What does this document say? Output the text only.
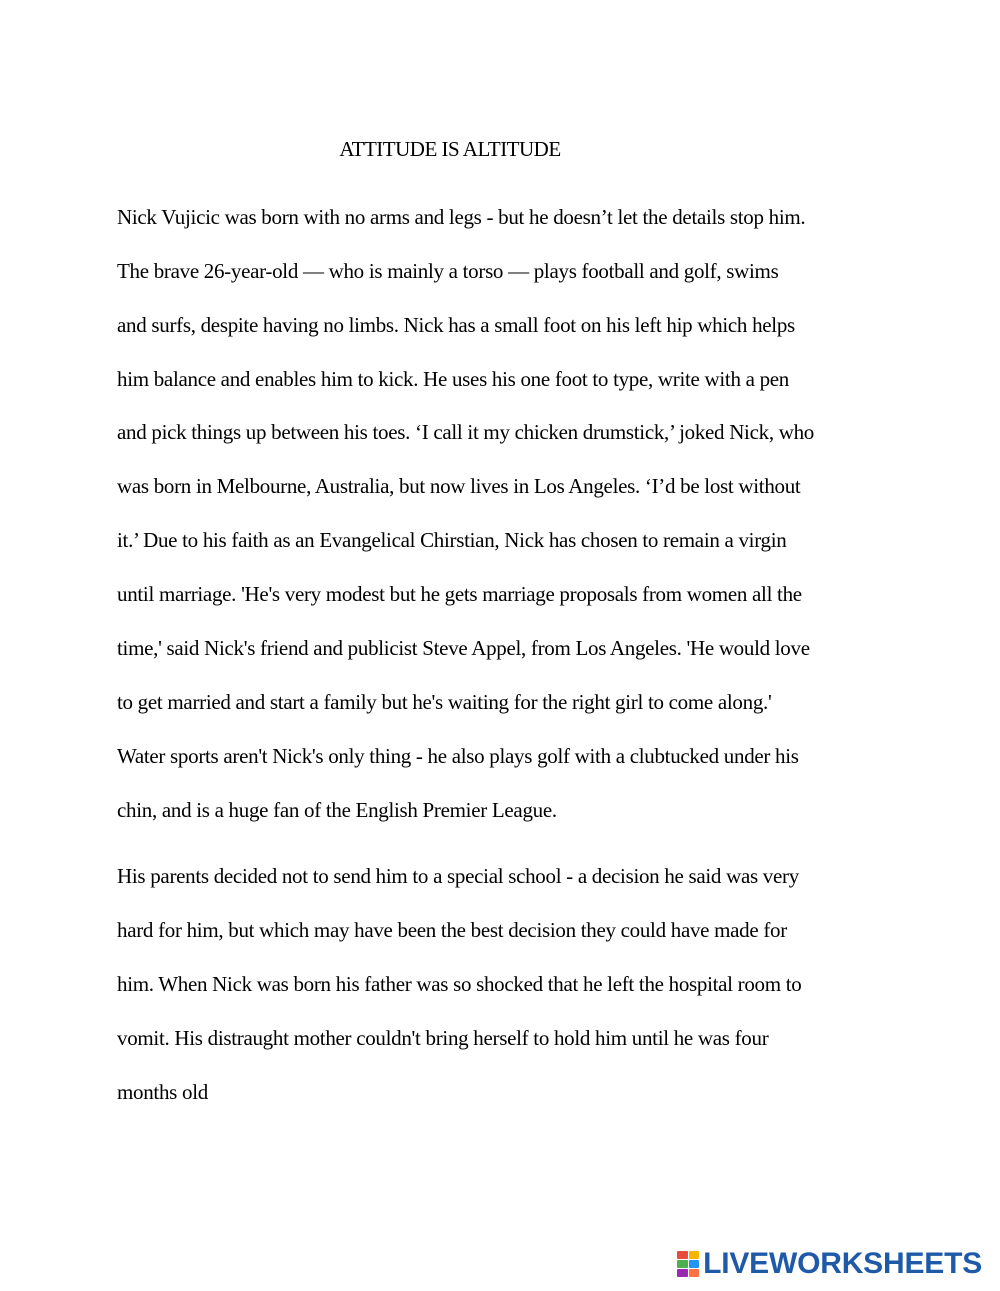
ATTITUDE IS ALTITUDE
Nick Vujicic was born with no arms and legs - but he doesn’t let the details stop him.
The brave 26-year-old — who is mainly a torso — plays football and golf, swims
and surfs, despite having no limbs. Nick has a small foot on his left hip which helps
him balance and enables him to kick. He uses his one foot to type, write with a pen
and pick things up between his toes. ‘I call it my chicken drumstick,’ joked Nick, who
was born in Melbourne, Australia, but now lives in Los Angeles. ‘I’d be lost without
it.’ Due to his faith as an Evangelical Chirstian, Nick has chosen to remain a virgin
until marriage. 'He's very modest but he gets marriage proposals from women all the
time,' said Nick's friend and publicist Steve Appel, from Los Angeles. 'He would love
to get married and start a family but he's waiting for the right girl to come along.'
Water sports aren't Nick's only thing - he also plays golf with a clubtucked under his
chin, and is a huge fan of the English Premier League.
His parents decided not to send him to a special school - a decision he said was very
hard for him, but which may have been the best decision they could have made for
him. When Nick was born his father was so shocked that he left the hospital room to
vomit. His distraught mother couldn't bring herself to hold him until he was four
months old
LIVEWORKSHEETS
